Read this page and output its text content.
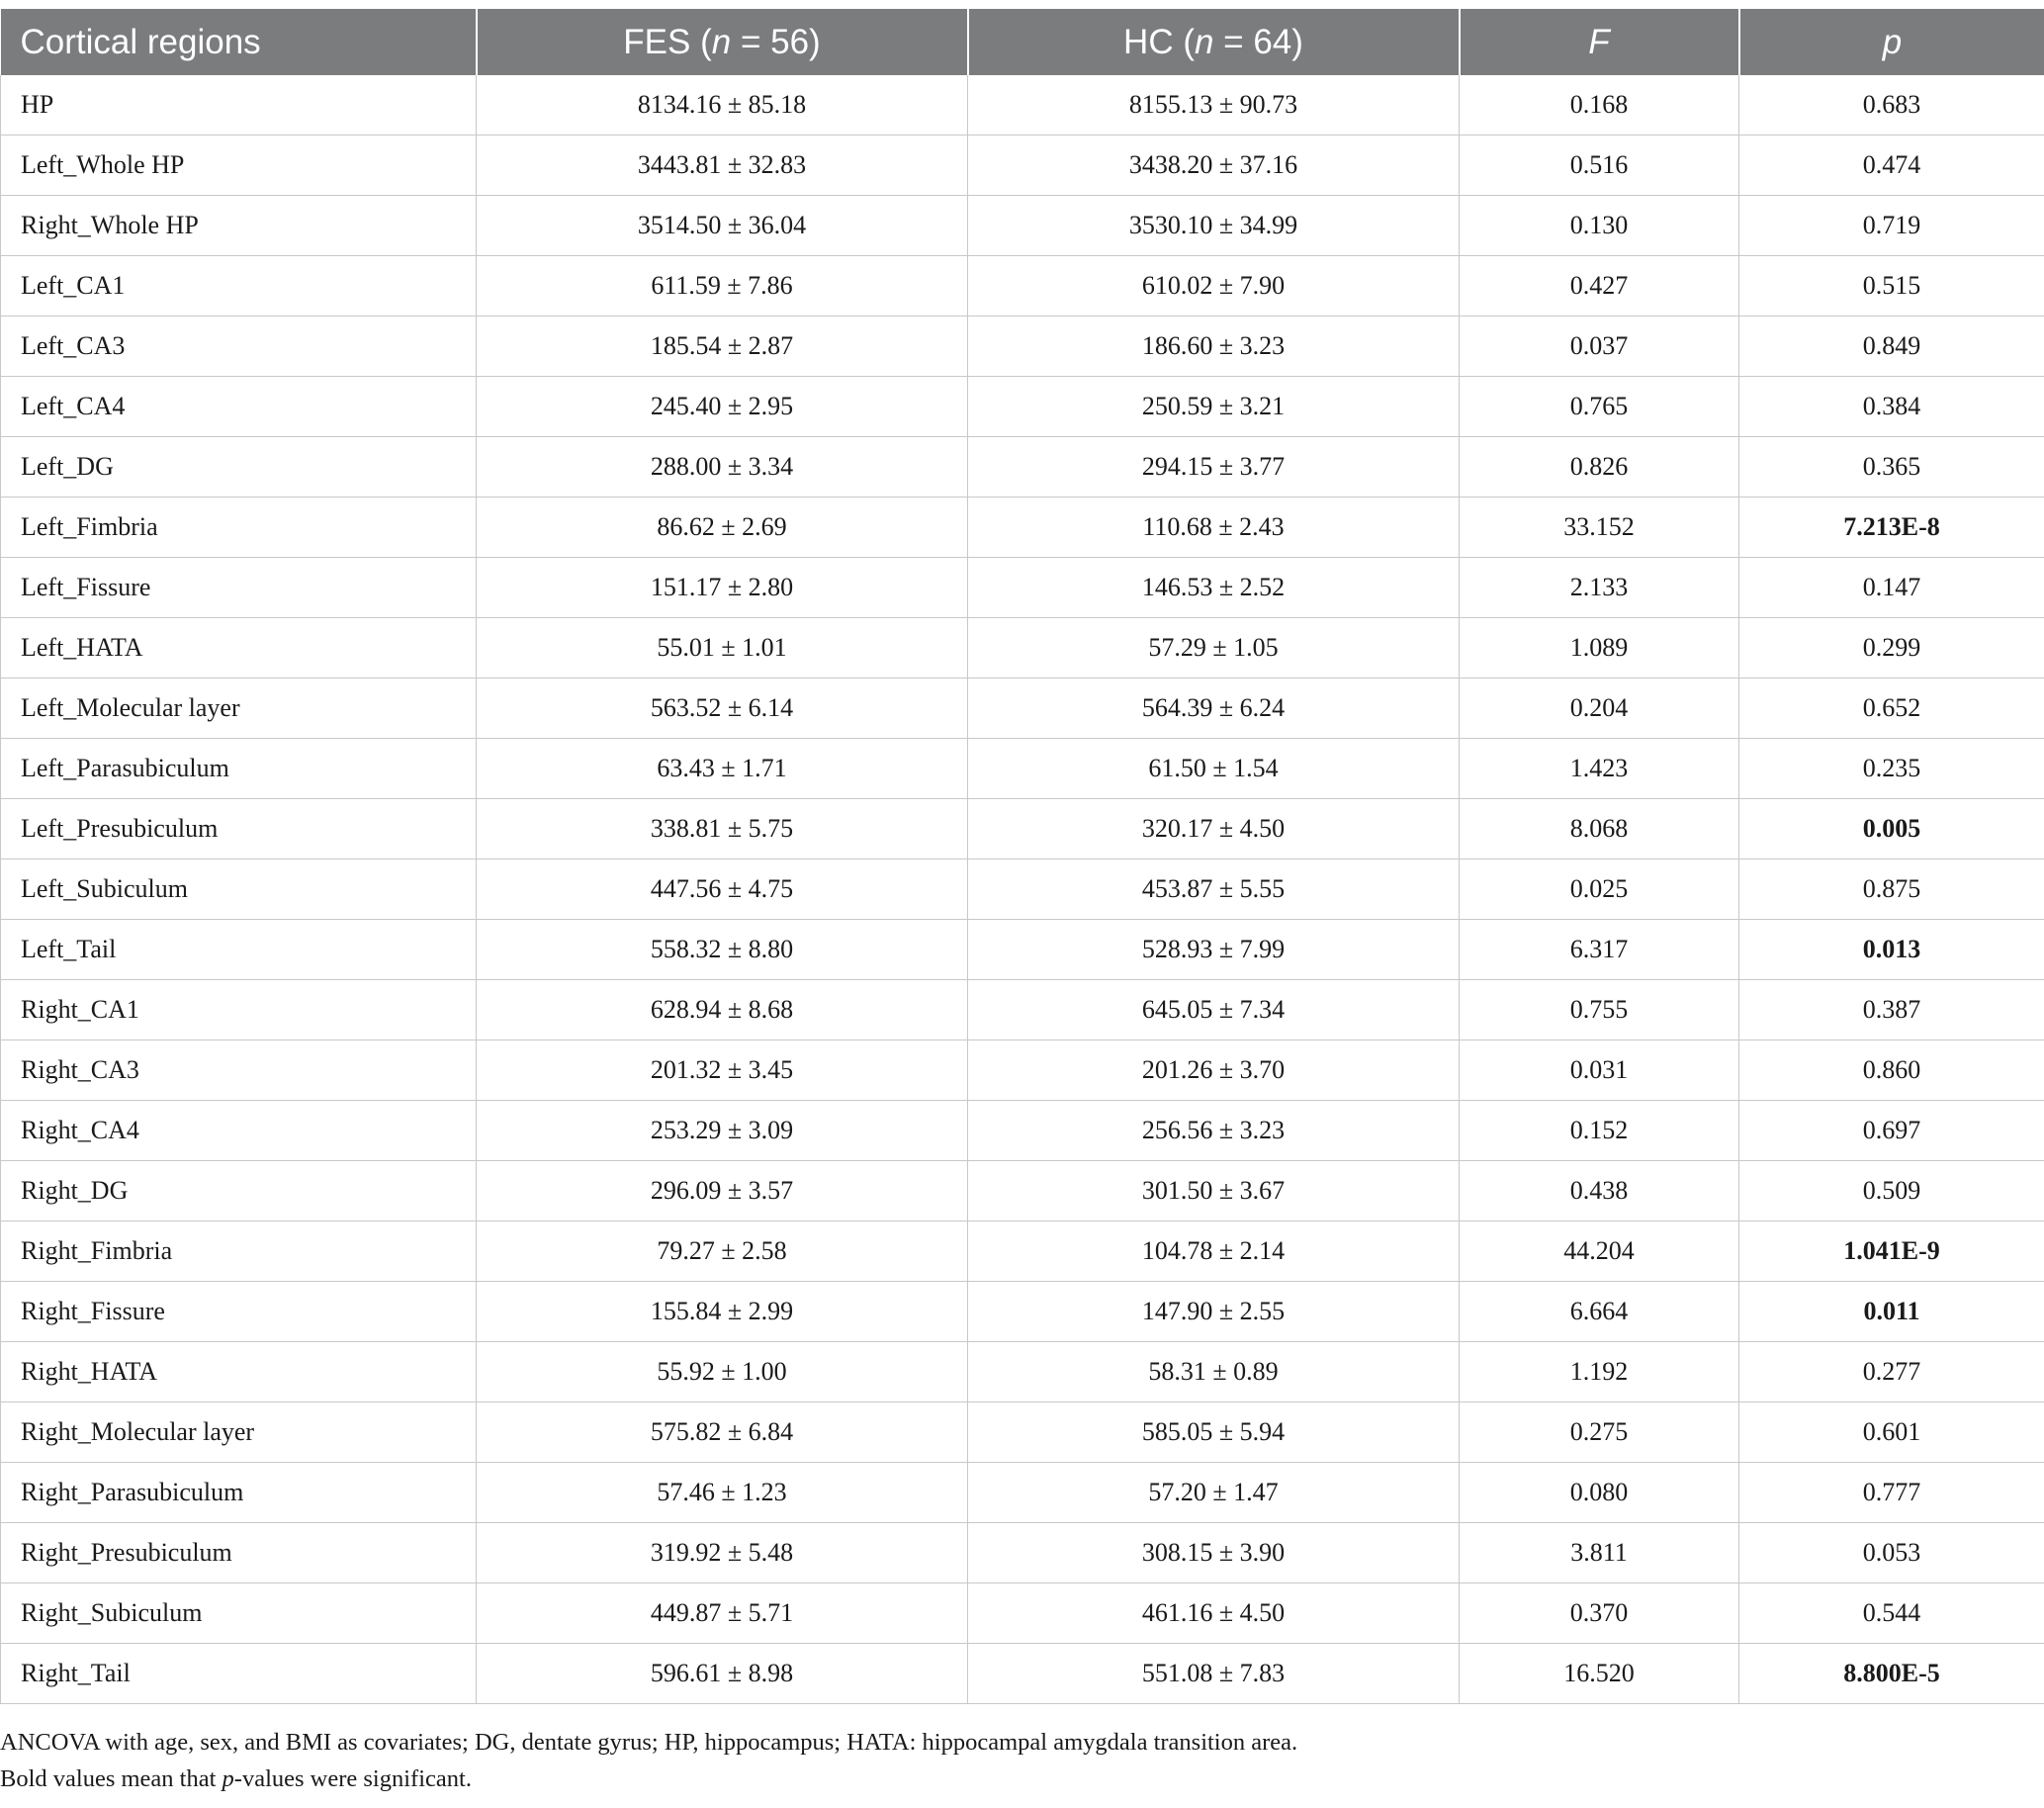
Cortical regions	FES (n = 56)	HC (n = 64)	F	p
HP	8134.16 ± 85.18	8155.13 ± 90.73	0.168	0.683
Left_Whole HP	3443.81 ± 32.83	3438.20 ± 37.16	0.516	0.474
Right_Whole HP	3514.50 ± 36.04	3530.10 ± 34.99	0.130	0.719
Left_CA1	611.59 ± 7.86	610.02 ± 7.90	0.427	0.515
Left_CA3	185.54 ± 2.87	186.60 ± 3.23	0.037	0.849
Left_CA4	245.40 ± 2.95	250.59 ± 3.21	0.765	0.384
Left_DG	288.00 ± 3.34	294.15 ± 3.77	0.826	0.365
Left_Fimbria	86.62 ± 2.69	110.68 ± 2.43	33.152	7.213E-8
Left_Fissure	151.17 ± 2.80	146.53 ± 2.52	2.133	0.147
Left_HATA	55.01 ± 1.01	57.29 ± 1.05	1.089	0.299
Left_Molecular layer	563.52 ± 6.14	564.39 ± 6.24	0.204	0.652
Left_Parasubiculum	63.43 ± 1.71	61.50 ± 1.54	1.423	0.235
Left_Presubiculum	338.81 ± 5.75	320.17 ± 4.50	8.068	0.005
Left_Subiculum	447.56 ± 4.75	453.87 ± 5.55	0.025	0.875
Left_Tail	558.32 ± 8.80	528.93 ± 7.99	6.317	0.013
Right_CA1	628.94 ± 8.68	645.05 ± 7.34	0.755	0.387
Right_CA3	201.32 ± 3.45	201.26 ± 3.70	0.031	0.860
Right_CA4	253.29 ± 3.09	256.56 ± 3.23	0.152	0.697
Right_DG	296.09 ± 3.57	301.50 ± 3.67	0.438	0.509
Right_Fimbria	79.27 ± 2.58	104.78 ± 2.14	44.204	1.041E-9
Right_Fissure	155.84 ± 2.99	147.90 ± 2.55	6.664	0.011
Right_HATA	55.92 ± 1.00	58.31 ± 0.89	1.192	0.277
Right_Molecular layer	575.82 ± 6.84	585.05 ± 5.94	0.275	0.601
Right_Parasubiculum	57.46 ± 1.23	57.20 ± 1.47	0.080	0.777
Right_Presubiculum	319.92 ± 5.48	308.15 ± 3.90	3.811	0.053
Right_Subiculum	449.87 ± 5.71	461.16 ± 4.50	0.370	0.544
Right_Tail	596.61 ± 8.98	551.08 ± 7.83	16.520	8.800E-5
ANCOVA with age, sex, and BMI as covariates; DG, dentate gyrus; HP, hippocampus; HATA: hippocampal amygdala transition area.
Bold values mean that p-values were significant.
